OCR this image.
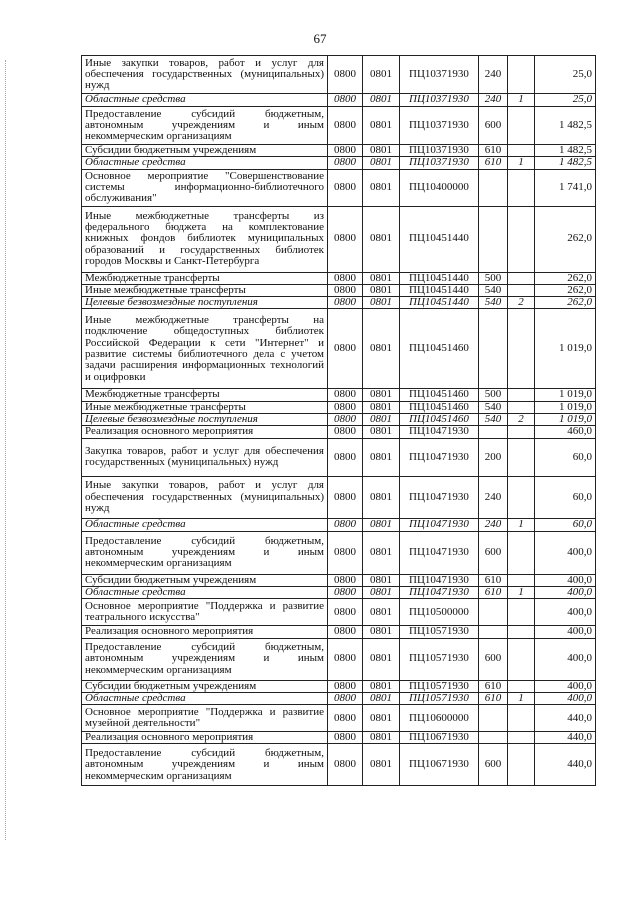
67
Иные закупки товаров, работ и услуг для обеспечения государственных (муниципальных) нужд	0800	0801	ПЦ10371930	240		25,0
Областные средства	0800	0801	ПЦ10371930	240	1	25,0
Предоставление субсидий бюджетным, автономным учреждениям и иным некоммерческим организациям	0800	0801	ПЦ10371930	600		1 482,5
Субсидии бюджетным учреждениям	0800	0801	ПЦ10371930	610		1 482,5
Областные средства	0800	0801	ПЦ10371930	610	1	1 482,5
Основное мероприятие "Совершенствование системы информационно-библиотечного обслуживания"	0800	0801	ПЦ10400000			1 741,0
Иные межбюджетные трансферты из федерального бюджета на комплектование книжных фондов библиотек муниципальных образований и государственных библиотек городов Москвы и Санкт-Петербурга	0800	0801	ПЦ10451440			262,0
Межбюджетные трансферты	0800	0801	ПЦ10451440	500		262,0
Иные межбюджетные трансферты	0800	0801	ПЦ10451440	540		262,0
Целевые безвозмездные поступления	0800	0801	ПЦ10451440	540	2	262,0
Иные межбюджетные трансферты на подключение общедоступных библиотек Российской Федерации к сети "Интернет" и развитие системы библиотечного дела с учетом задачи расширения информационных технологий и оцифровки	0800	0801	ПЦ10451460			1 019,0
Межбюджетные трансферты	0800	0801	ПЦ10451460	500		1 019,0
Иные межбюджетные трансферты	0800	0801	ПЦ10451460	540		1 019,0
Целевые безвозмездные поступления	0800	0801	ПЦ10451460	540	2	1 019,0
Реализация основного мероприятия	0800	0801	ПЦ10471930			460,0
Закупка товаров, работ и услуг для обеспечения государственных (муниципальных) нужд	0800	0801	ПЦ10471930	200		60,0
Иные закупки товаров, работ и услуг для обеспечения государственных (муниципальных) нужд	0800	0801	ПЦ10471930	240		60,0
Областные средства	0800	0801	ПЦ10471930	240	1	60,0
Предоставление субсидий бюджетным, автономным учреждениям и иным некоммерческим организациям	0800	0801	ПЦ10471930	600		400,0
Субсидии бюджетным учреждениям	0800	0801	ПЦ10471930	610		400,0
Областные средства	0800	0801	ПЦ10471930	610	1	400,0
Основное мероприятие "Поддержка и развитие театрального искусства"	0800	0801	ПЦ10500000			400,0
Реализация основного мероприятия	0800	0801	ПЦ10571930			400,0
Предоставление субсидий бюджетным, автономным учреждениям и иным некоммерческим организациям	0800	0801	ПЦ10571930	600		400,0
Субсидии бюджетным учреждениям	0800	0801	ПЦ10571930	610		400,0
Областные средства	0800	0801	ПЦ10571930	610	1	400,0
Основное мероприятие "Поддержка и развитие музейной деятельности"	0800	0801	ПЦ10600000			440,0
Реализация основного мероприятия	0800	0801	ПЦ10671930			440,0
Предоставление субсидий бюджетным, автономным учреждениям и иным некоммерческим организациям	0800	0801	ПЦ10671930	600		440,0
